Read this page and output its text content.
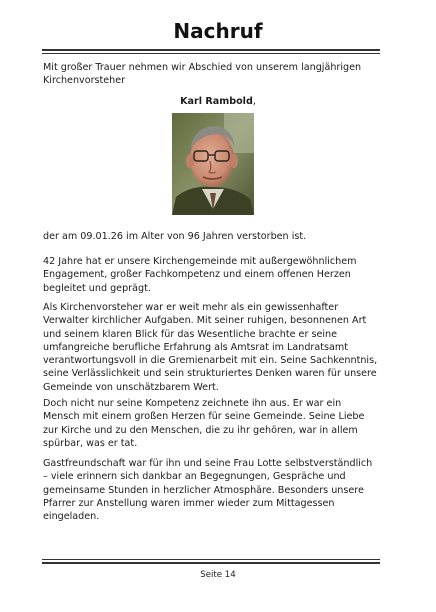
Nachruf
Mit großer Trauer nehmen wir Abschied von unserem langjährigen Kirchenvorsteher
Karl Rambold,
der am 09.01.26 im Alter von 96 Jahren verstorben ist.
42 Jahre hat er unsere Kirchengemeinde mit außergewöhnlichem Engagement, großer Fachkompetenz und einem offenen Herzen begleitet und geprägt.
Als Kirchenvorsteher war er weit mehr als ein gewissenhafter Verwalter kirchlicher Aufgaben. Mit seiner ruhigen, besonnenen Art und seinem klaren Blick für das Wesentliche brachte er seine umfangreiche berufliche Erfahrung als Amtsrat im Landratsamt verantwortungsvoll in die Gremienarbeit mit ein. Seine Sachkenntnis, seine Verlässlichkeit und sein strukturiertes Denken waren für unsere Gemeinde von unschätzbarem Wert.
Doch nicht nur seine Kompetenz zeichnete ihn aus. Er war ein Mensch mit einem großen Herzen für seine Gemeinde. Seine Liebe zur Kirche und zu den Menschen, die zu ihr gehören, war in allem spürbar, was er tat.
Gastfreundschaft war für ihn und seine Frau Lotte selbstverständlich – viele erinnern sich dankbar an Begegnungen, Gespräche und gemeinsame Stunden in herzlicher Atmosphäre. Besonders unsere Pfarrer zur Anstellung waren immer wieder zum Mittagessen eingeladen.
Seite 14
